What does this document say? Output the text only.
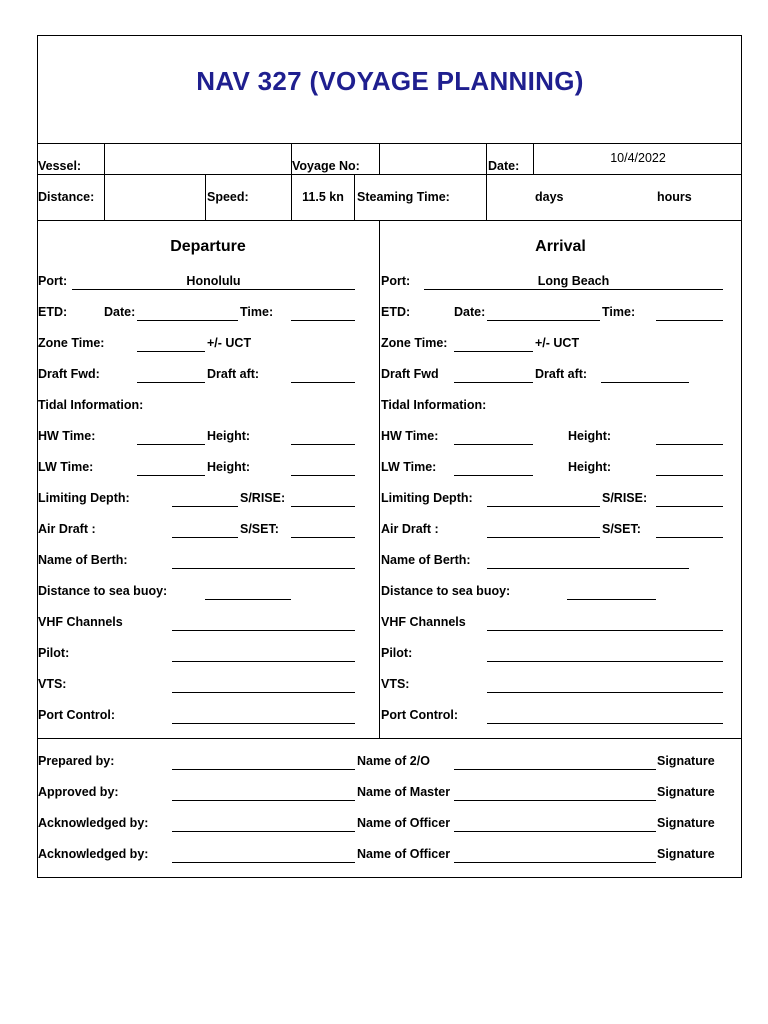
NAV 327 (VOYAGE PLANNING)
Vessel:	Voyage No:	Date:
10/4/2022
Distance:	Speed:	11.5 kn	Steaming Time:	days	hours
Departure	Arrival
Port:	Honolulu
ETD:	Date:	Time:
Zone Time:	+/- UCT
Draft Fwd:	Draft aft:
Tidal Information:
HW Time:	Height:
LW Time:	Height:
Limiting Depth:	S/RISE:
Air Draft :	S/SET:
Name of Berth:
Distance to sea buoy:
VHF Channels
Pilot:
VTS:
Port Control:
Port:	Long Beach
ETD:	Date:	Time:
Zone Time:	+/- UCT
Draft Fwd	Draft aft:
Tidal Information:
HW Time:	Height:
LW Time:	Height:
Limiting Depth:	S/RISE:
Air Draft :	S/SET:
Name of Berth:
Distance to sea buoy:
VHF Channels
Pilot:
VTS:
Port Control:
Prepared by:	Name of 2/O	Signature
Approved by:	Name of Master	Signature
Acknowledged by:	Name of Officer	Signature
Acknowledged by:	Name of Officer	Signature
